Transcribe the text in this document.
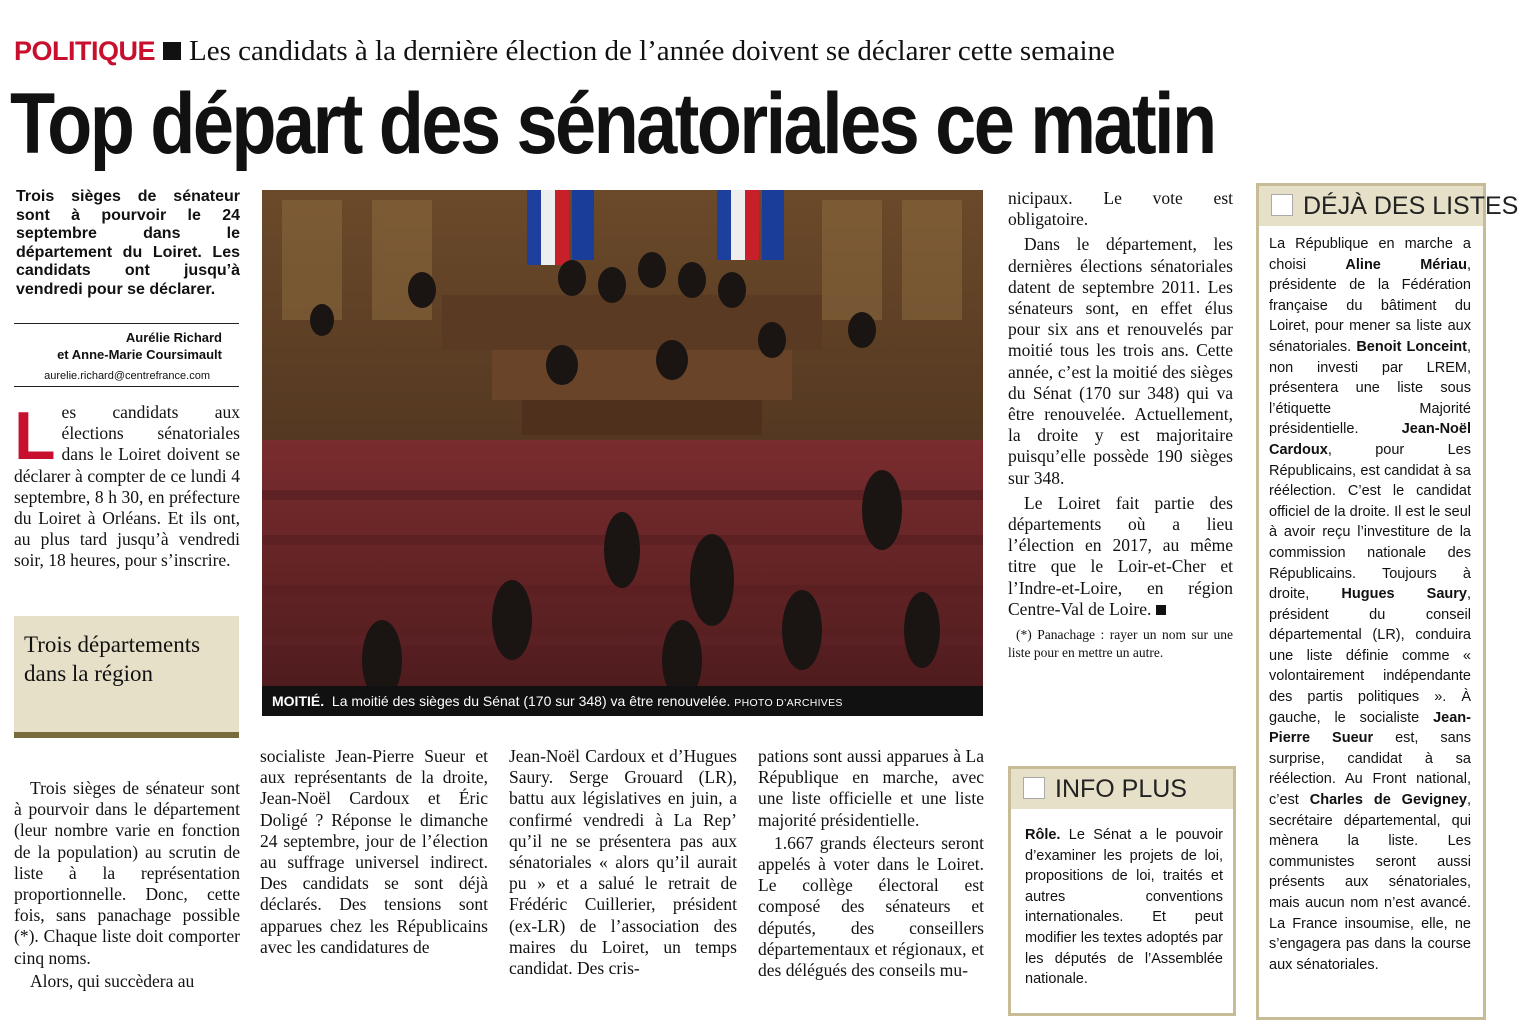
POLITIQUE Les candidats à la dernière élection de l’année doivent se déclarer cette semaine
Top départ des sénatoriales ce matin
Trois sièges de sénateur sont à pourvoir le 24 septembre dans le département du Loiret. Les candidats ont jusqu’à vendredi pour se déclarer.
Aurélie Richard
et Anne-Marie Coursimault
aurelie.richard@centrefrance.com
Les candidats aux élections sénatoriales dans le Loiret doivent se déclarer à compter de ce lundi 4 septembre, 8 h 30, en préfecture du Loiret à Orléans. Et ils ont, au plus tard jusqu’à vendredi soir, 18 heures, pour s’inscrire.
Trois départements dans la région

Trois sièges de sénateur sont à pourvoir dans le département (leur nombre varie en fonction de la population) au scrutin de liste à la représentation proportionnelle. Donc, cette fois, sans panachage possible (*). Chaque liste doit comporter cinq noms.

Alors, qui succèdera au

MOITIÉ. La moitié des sièges du Sénat (170 sur 348) va être renouvelée. PHOTO D’ARCHIVES
socialiste Jean-Pierre Sueur et aux représentants de la droite, Jean-Noël Cardoux et Éric Doligé ? Réponse le dimanche 24 septembre, jour de l’élection au suffrage universel indirect. Des candidats se sont déjà déclarés. Des tensions sont apparues chez les Républicains avec les candidatures de
Jean-Noël Cardoux et d’Hugues Saury. Serge Grouard (LR), battu aux législatives en juin, a confirmé vendredi à La Rep’ qu’il ne se présentera pas aux sénatoriales « alors qu’il aurait pu » et a salué le retrait de Frédéric Cuillerier, président (ex-LR) de l’association des maires du Loiret, un temps candidat. Des cris-

pations sont aussi apparues à La République en marche, avec une liste officielle et une liste majorité présidentielle.

1.667 grands électeurs seront appelés à voter dans le Loiret. Le collège électoral est composé des sénateurs et députés, des conseillers départementaux et régionaux, et des délégués des conseils mu-

nicipaux. Le vote est obligatoire.

Dans le département, les dernières élections sénatoriales datent de septembre 2011. Les sénateurs sont, en effet élus pour six ans et renouvelés par moitié tous les trois ans. Cette année, c’est la moitié des sièges du Sénat (170 sur 348) qui va être renouvelée. Actuellement, la droite y est majoritaire puisqu’elle possède 190 sièges sur 348.

Le Loiret fait partie des départements où a lieu l’élection en 2017, au même titre que le Loir-et-Cher et l’Indre-et-Loire, en région Centre-Val de Loire.

(*) Panachage : rayer un nom sur une liste pour en mettre un autre.

INFO PLUS
Rôle. Le Sénat a le pouvoir d’examiner les projets de loi, propositions de loi, traités et autres conventions internationales. Et peut modifier les textes adoptés par les députés de l’Assemblée nationale.
DÉJÀ DES LISTES
La République en marche a choisi Aline Mériau, présidente de la Fédération française du bâtiment du Loiret, pour mener sa liste aux sénatoriales. Benoit Lonceint, non investi par LREM, présentera une liste sous l’étiquette Majorité présidentielle. Jean-Noël Cardoux, pour Les Républicains, est candidat à sa réélection. C’est le candidat officiel de la droite. Il est le seul à avoir reçu l’investiture de la commission nationale des Républicains. Toujours à droite, Hugues Saury, président du conseil départemental (LR), conduira une liste définie comme « volontairement indépendante des partis politiques ». À gauche, le socialiste Jean-Pierre Sueur est, sans surprise, candidat à sa réélection. Au Front national, c’est Charles de Gevigney, secrétaire départemental, qui mènera la liste. Les communistes seront aussi présents aux sénatoriales, mais aucun nom n’est avancé. La France insoumise, elle, ne s’engagera pas dans la course aux sénatoriales.
